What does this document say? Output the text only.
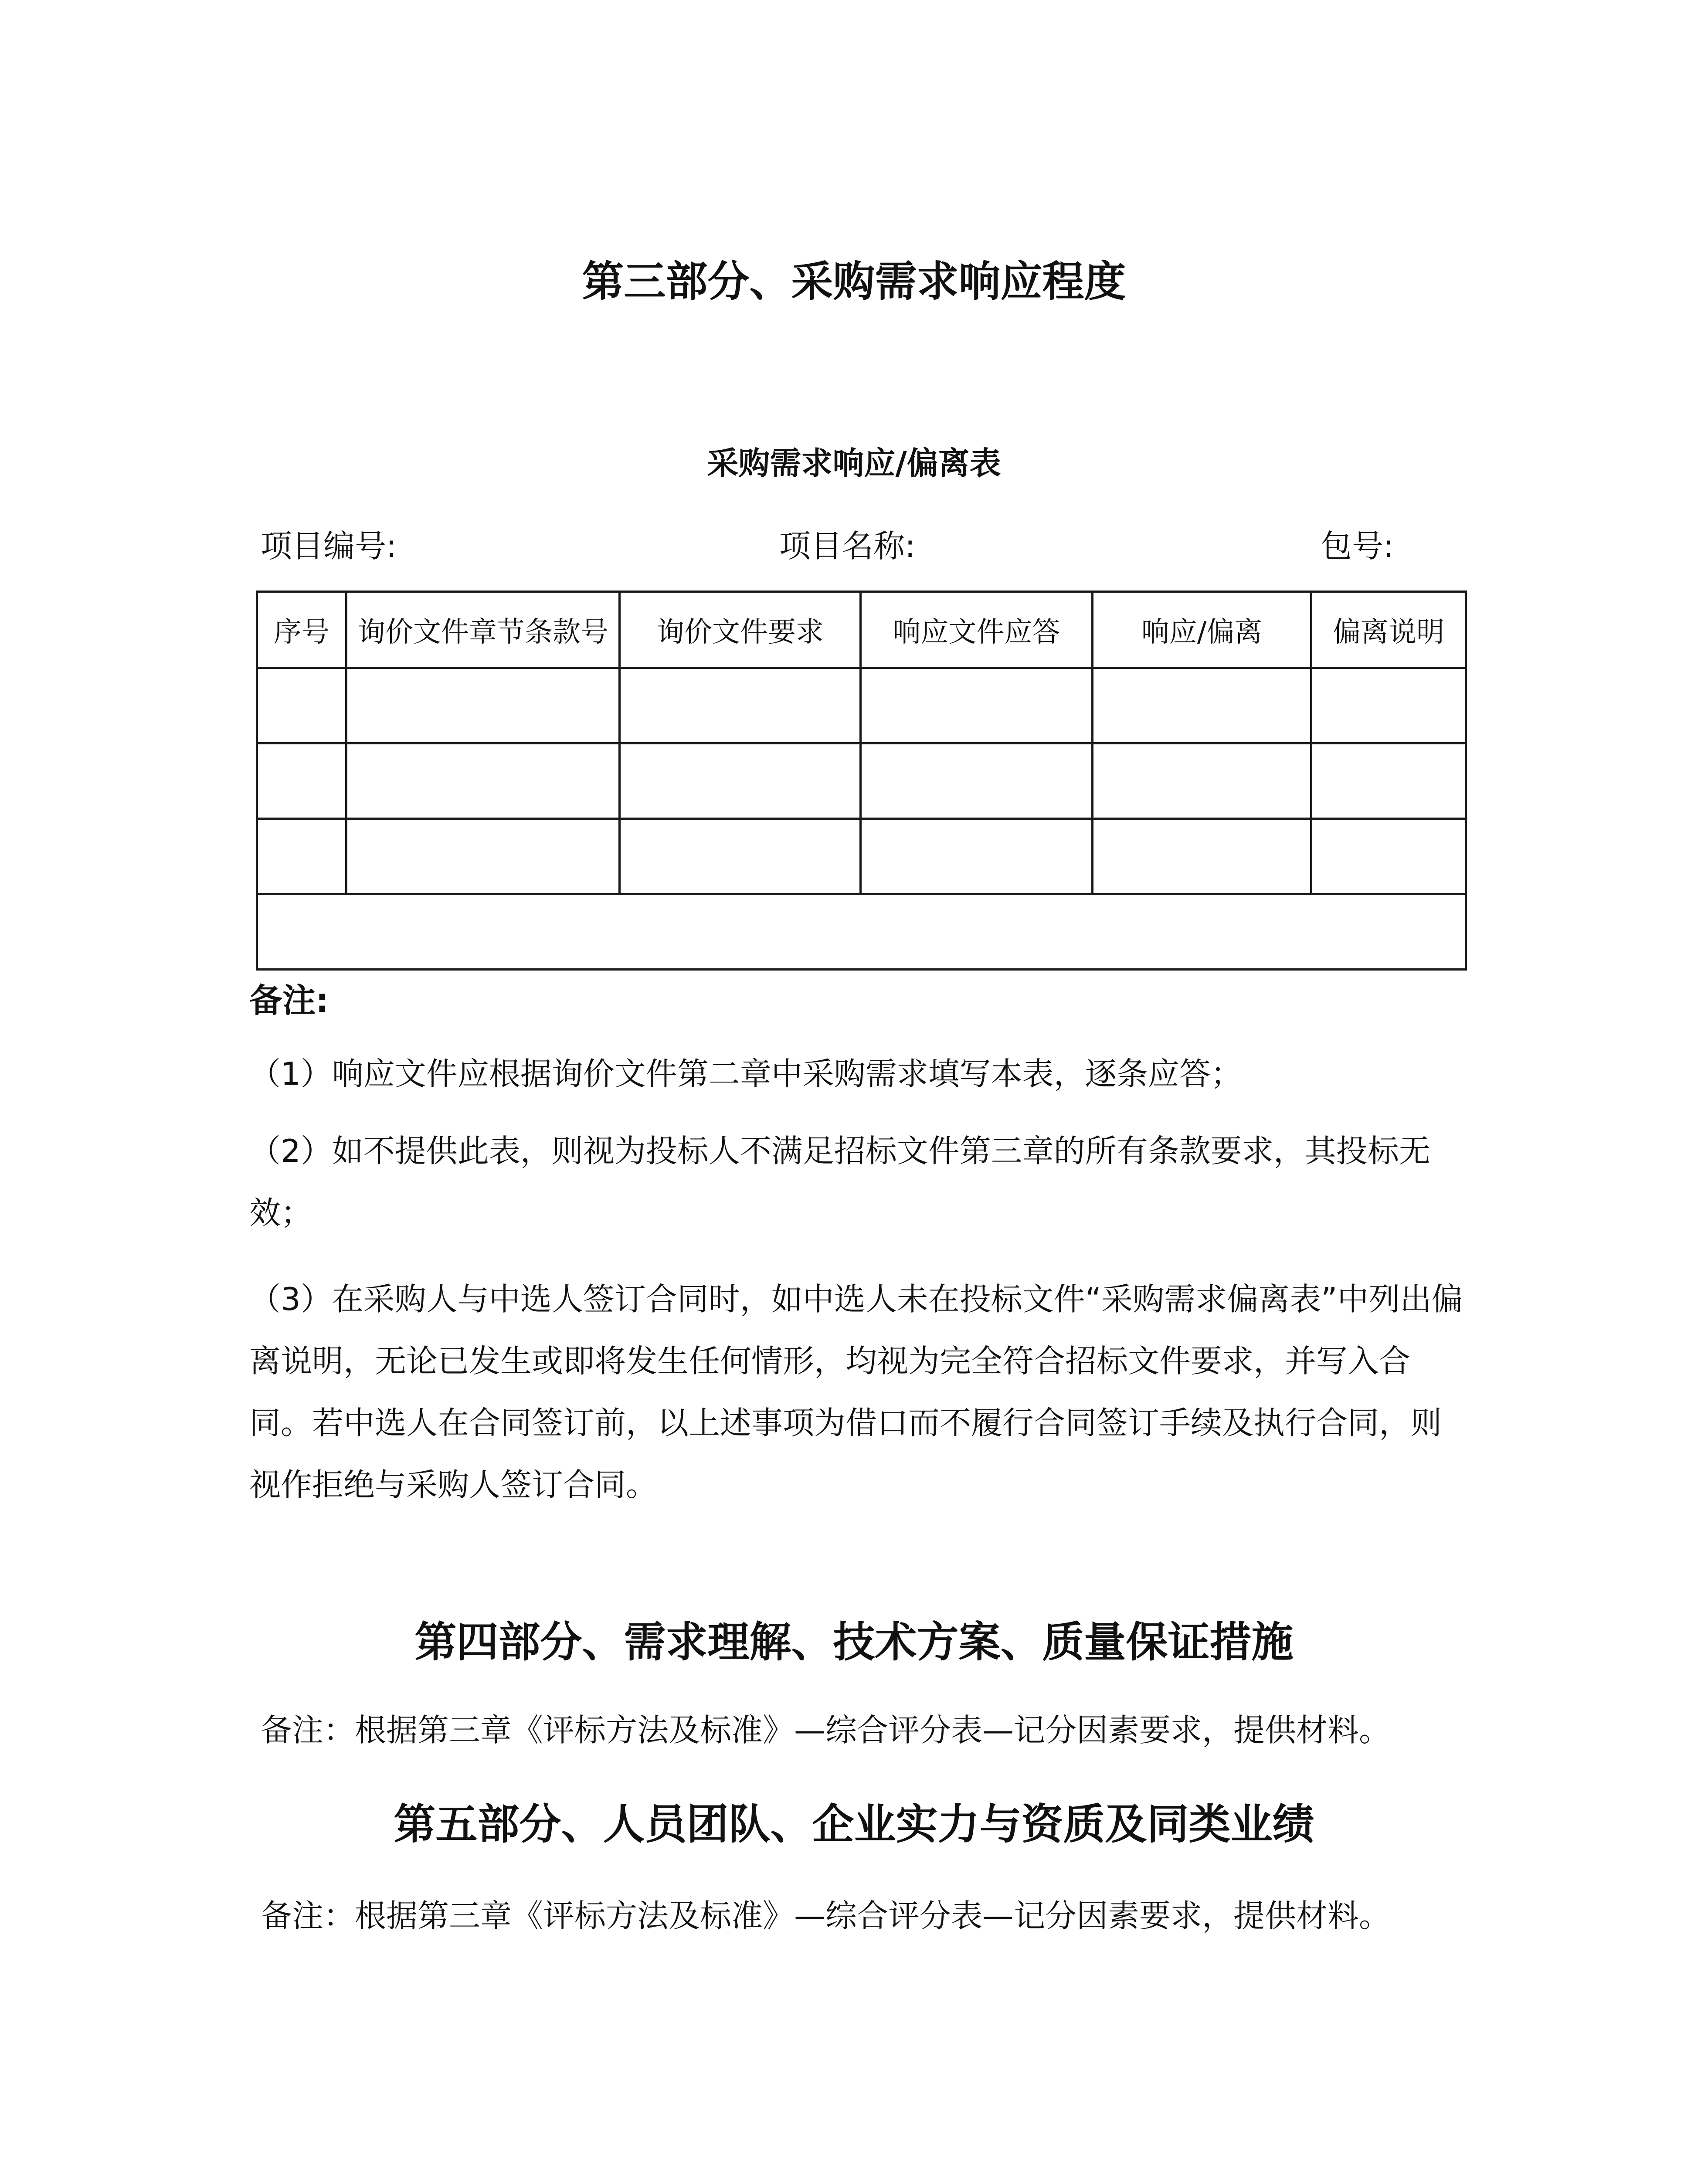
第三部分、采购需求响应程度
采购需求响应/偏离表
项目编号:	项目名称:	包号:
序号	询价文件章节条款号	询价文件要求	响应文件应答	响应/偏离	偏离说明

备注:
（1）响应文件应根据询价文件第二章中采购需求填写本表，逐条应答；
（2）如不提供此表，则视为投标人不满足招标文件第三章的所有条款要求，其投标无效；
（3）在采购人与中选人签订合同时，如中选人未在投标文件“采购需求偏离表”中列出偏离说明，无论已发生或即将发生任何情形，均视为完全符合招标文件要求，并写入合同。若中选人在合同签订前，以上述事项为借口而不履行合同签订手续及执行合同，则视作拒绝与采购人签订合同。
第四部分、需求理解、技术方案、质量保证措施
备注：根据第三章《评标方法及标准》—综合评分表—记分因素要求，提供材料。
第五部分、人员团队、企业实力与资质及同类业绩
备注：根据第三章《评标方法及标准》—综合评分表—记分因素要求，提供材料。
